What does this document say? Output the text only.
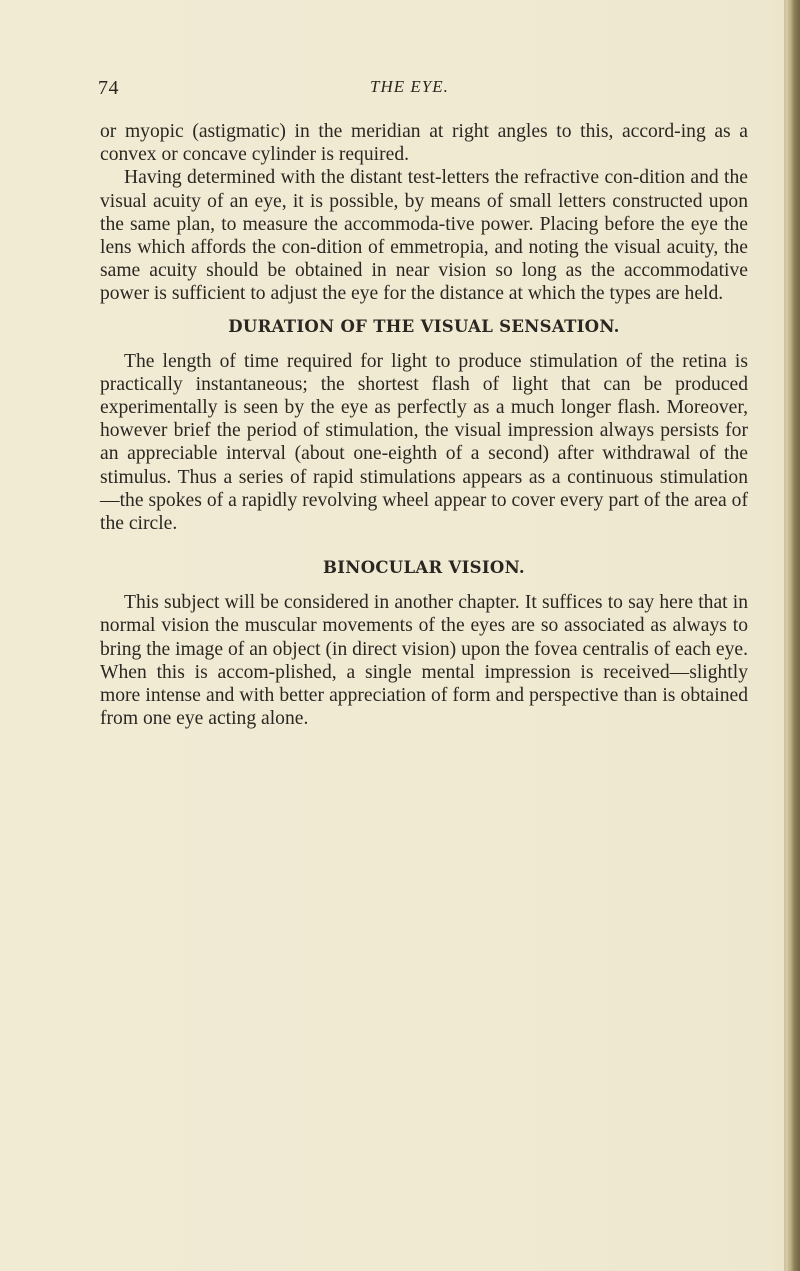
74	THE EYE.

or myopic (astigmatic) in the meridian at right angles to this, accord-ing as a convex or concave cylinder is required.

Having determined with the distant test-letters the refractive con-dition and the visual acuity of an eye, it is possible, by means of small letters constructed upon the same plan, to measure the accommoda-tive power. Placing before the eye the lens which affords the con-dition of emmetropia, and noting the visual acuity, the same acuity should be obtained in near vision so long as the accommodative power is sufficient to adjust the eye for the distance at which the types are held.

DURATION OF THE VISUAL SENSATION.

The length of time required for light to produce stimulation of the retina is practically instantaneous; the shortest flash of light that can be produced experimentally is seen by the eye as perfectly as a much longer flash. Moreover, however brief the period of stimulation, the visual impression always persists for an appreciable interval (about one-eighth of a second) after withdrawal of the stimulus. Thus a series of rapid stimulations appears as a continuous stimulation—the spokes of a rapidly revolving wheel appear to cover every part of the area of the circle.

BINOCULAR VISION.

This subject will be considered in another chapter. It suffices to say here that in normal vision the muscular movements of the eyes are so associated as always to bring the image of an object (in direct vision) upon the fovea centralis of each eye. When this is accom-plished, a single mental impression is received—slightly more intense and with better appreciation of form and perspective than is obtained from one eye acting alone.
